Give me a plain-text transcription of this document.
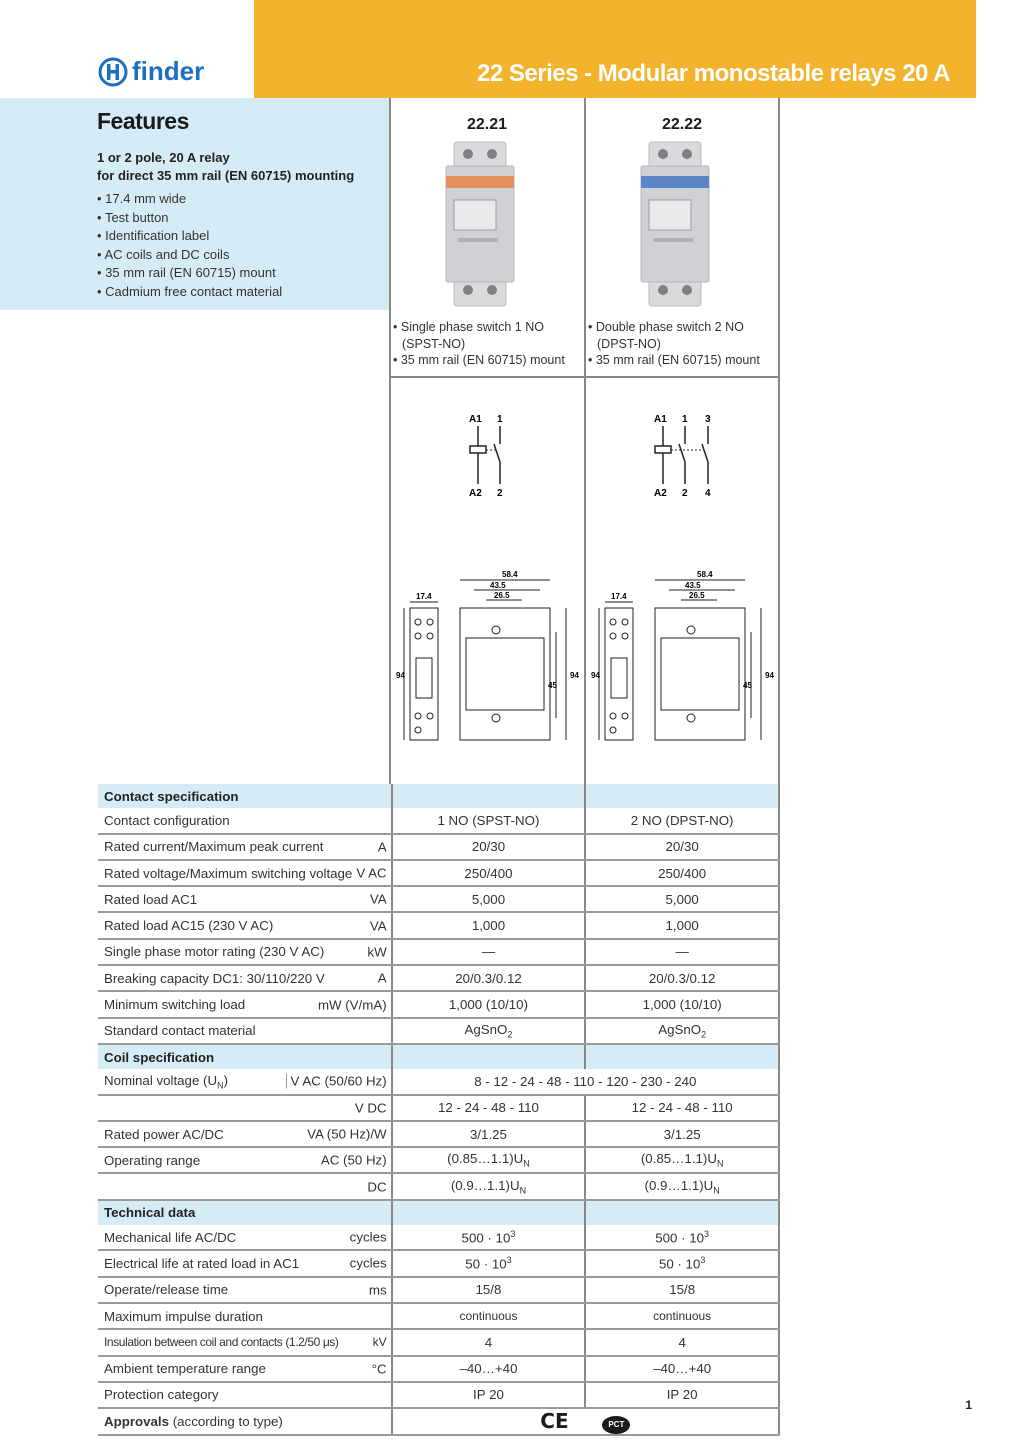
finder	22 Series - Modular monostable relays 20 A
Features
1 or 2 pole, 20 A relay
for direct 35 mm rail (EN 60715) mounting
• 17.4 mm wide
• Test button
• Identification label
• AC coils and DC coils
• 35 mm rail (EN 60715) mount
• Cadmium free contact material
22.21
• Single phase switch 1 NO (SPST-NO)
• 35 mm rail (EN 60715) mount
22.22
• Double phase switch 2 NO (DPST-NO)
• 35 mm rail (EN 60715) mount
A1 1
A2 2
A1 1 3
A2 2 4
17.4
58.4
43.5
26.5
94	94
45
17.4
58.4
43.5
26.5
94	94
45
Contact specification		
Contact configuration	1 NO (SPST-NO)	2 NO (DPST-NO)
Rated current/Maximum peak current A	20/30	20/30
Rated voltage/Maximum switching voltage V AC	250/400	250/400
Rated load AC1 VA	5,000	5,000
Rated load AC15 (230 V AC) VA	1,000	1,000
Single phase motor rating (230 V AC) kW	—	—
Breaking capacity DC1: 30/110/220 V A	20/0.3/0.12	20/0.3/0.12
Minimum switching load mW (V/mA)	1,000 (10/10)	1,000 (10/10)
Standard contact material	AgSnO$_2$	AgSnO$_2$
Coil specification		
Nominal voltage $(U_N)$ V AC (50/60 Hz)	8 - 12 - 24 - 48 - 110 - 120 - 230 - 240	

V DC	12 - 24 - 48 - 110	12 - 24 - 48 - 110
Rated power AC/DC VA (50 Hz)/W	3/1.25	3/1.25
Operating range AC (50 Hz)	$(0.85\dots 1.1)U_N$	$(0.85\dots 1.1)U_N$

DC	$(0.9\dots 1.1)U_N$	$(0.9\dots 1.1)U_N$
Technical data		
Mechanical life AC/DC cycles	$500 \cdot 10^3$	$500 \cdot 10^3$
Electrical life at rated load in AC1 cycles	$50 \cdot 10^3$	$50 \cdot 10^3$
Operate/release time ms	15/8	15/8
Maximum impulse duration	continuous	continuous
Insulation between coil and contacts (1.2/50 μs) kV	4	4
Ambient temperature range °C	–40…+40	–40…+40
Protection category	IP 20	IP 20
Approvals (according to type)	CE PCT	
1
